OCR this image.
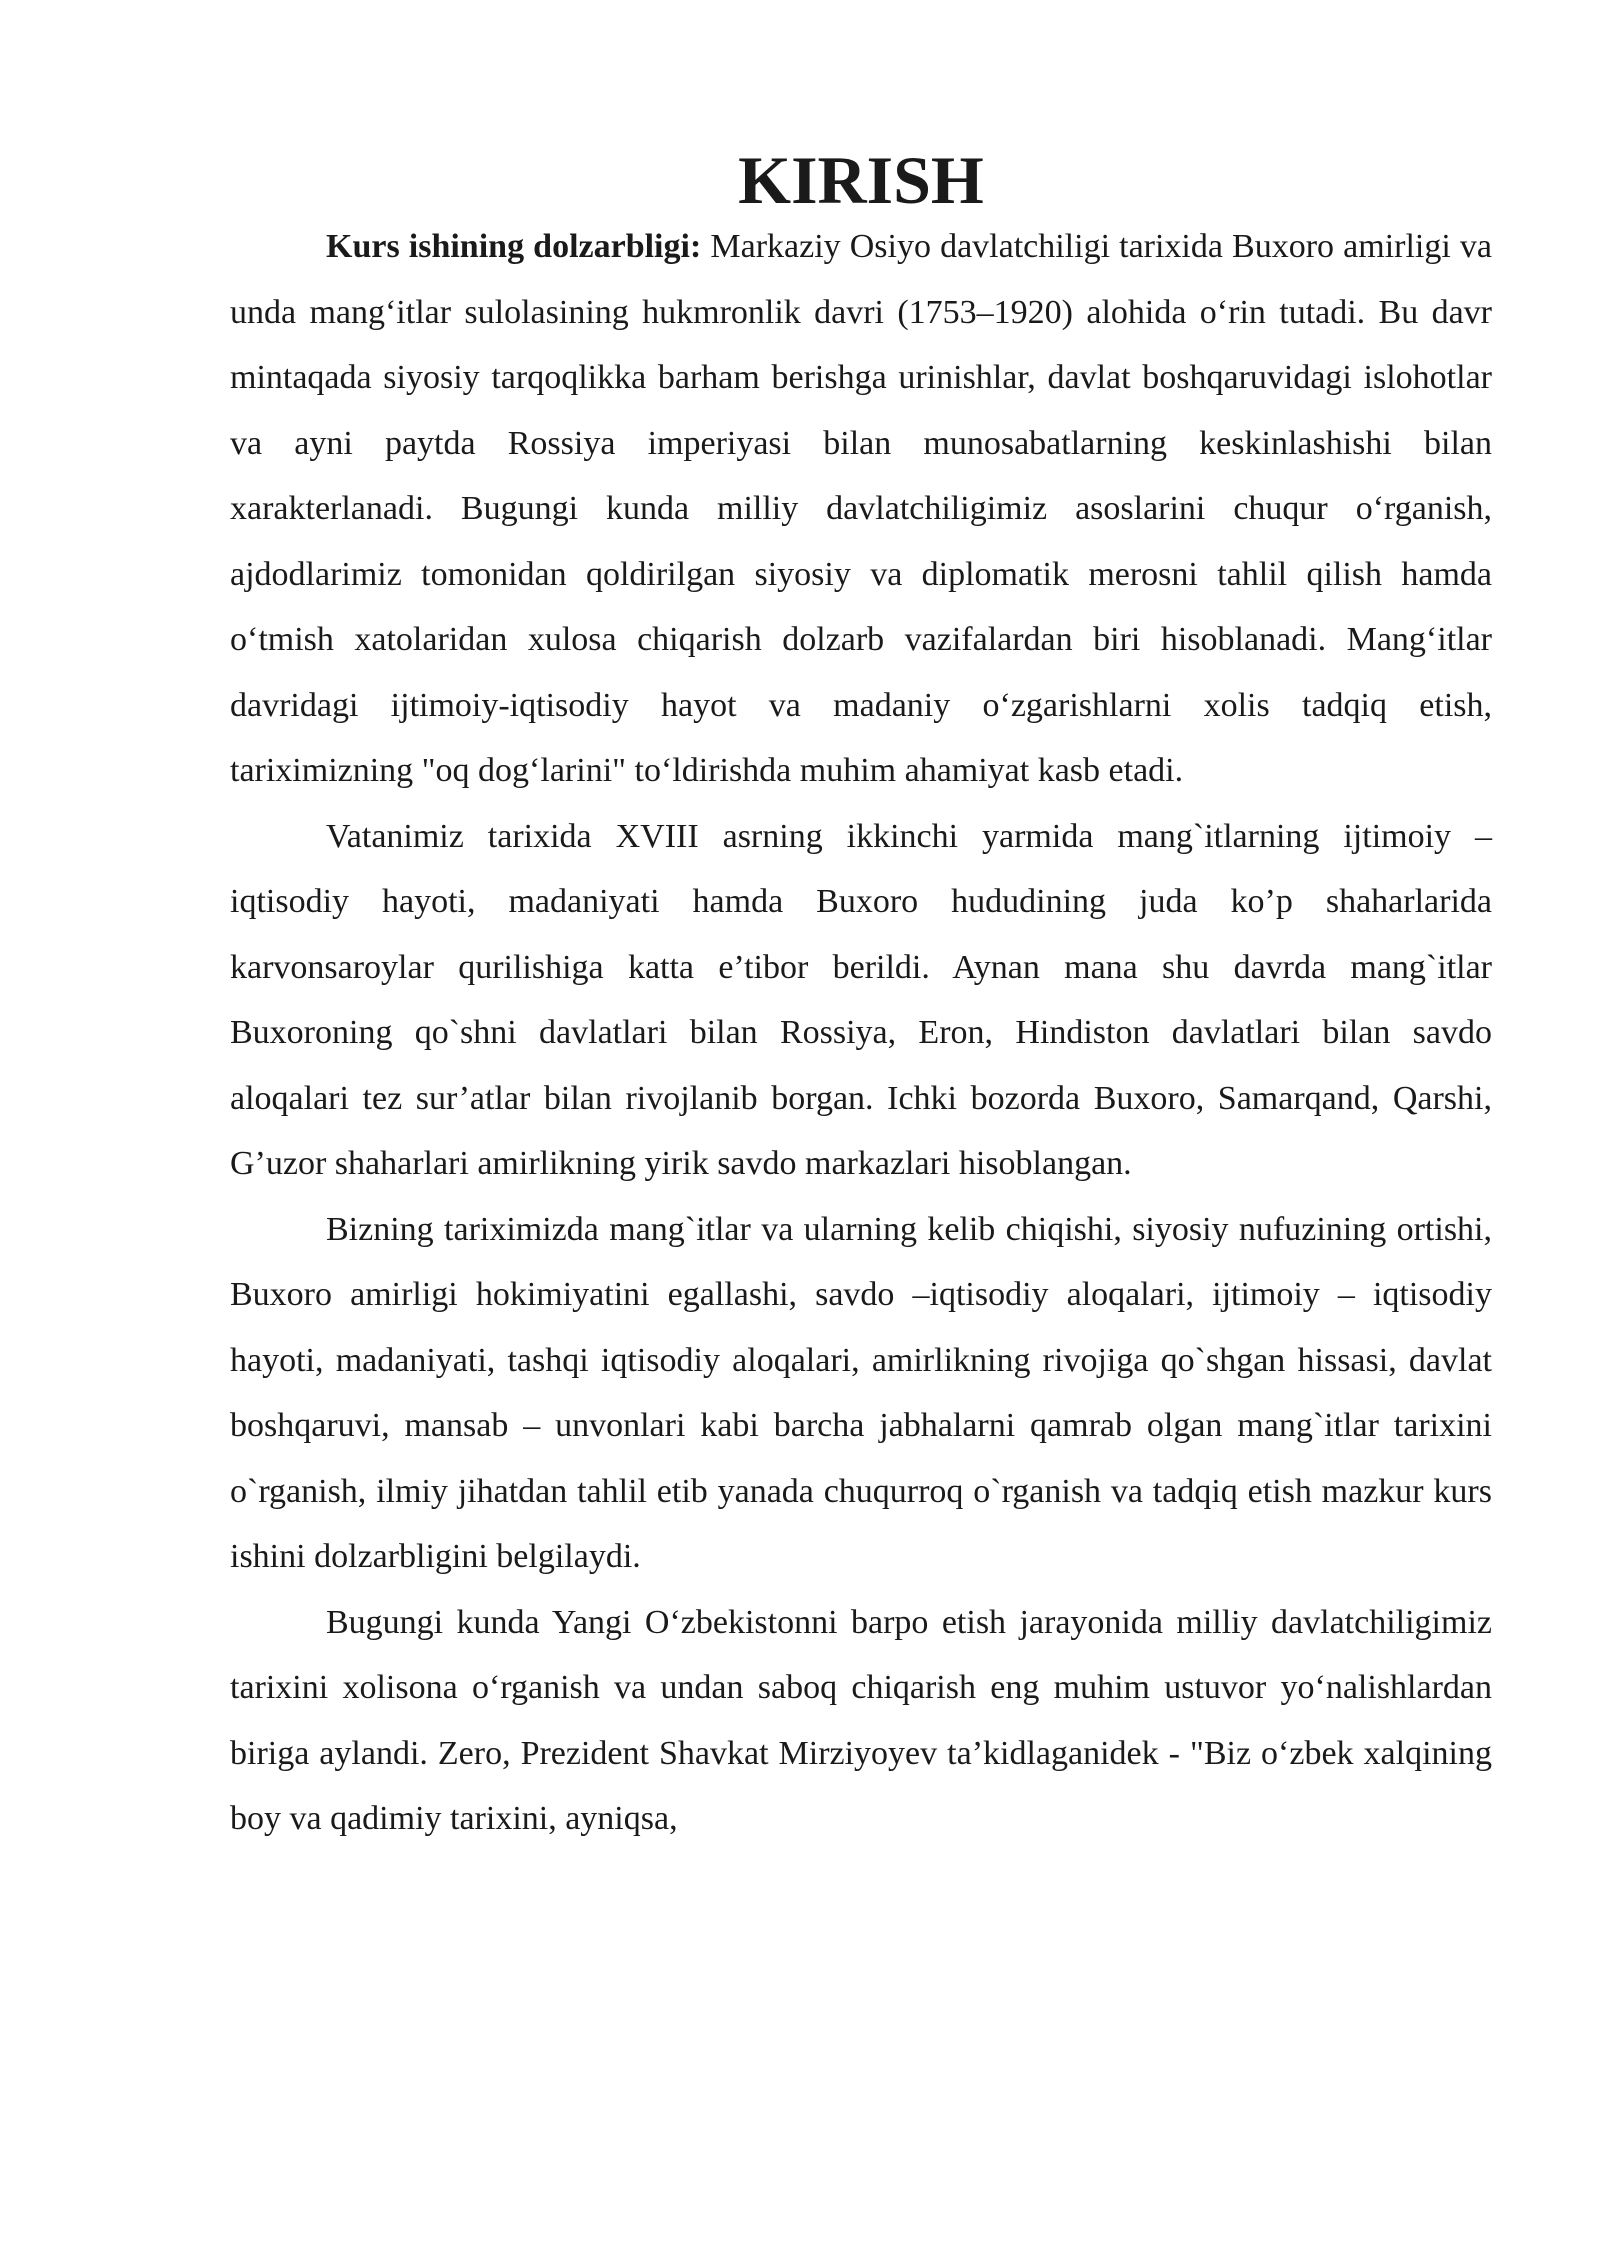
KIRISH

Kurs ishining dolzarbligi: Markaziy Osiyo davlatchiligi tarixida Buxoro amirligi va unda mang‘itlar sulolasining hukmronlik davri (1753–1920) alohida o‘rin tutadi. Bu davr mintaqada siyosiy tarqoqlikka barham berishga urinishlar, davlat boshqaruvidagi islohotlar va ayni paytda Rossiya imperiyasi bilan munosabatlarning keskinlashishi bilan xarakterlanadi. Bugungi kunda milliy davlatchiligimiz asoslarini chuqur o‘rganish, ajdodlarimiz tomonidan qoldirilgan siyosiy va diplomatik merosni tahlil qilish hamda o‘tmish xatolaridan xulosa chiqarish dolzarb vazifalardan biri hisoblanadi. Mang‘itlar davridagi ijtimoiy-iqtisodiy hayot va madaniy o‘zgarishlarni xolis tadqiq etish, tariximizning "oq dog‘larini" to‘ldirishda muhim ahamiyat kasb etadi.

Vatanimiz tarixida XVIII asrning ikkinchi yarmida mang`itlarning ijtimoiy – iqtisodiy hayoti, madaniyati hamda Buxoro hududining juda ko’p shaharlarida karvonsaroylar qurilishiga katta e’tibor berildi. Aynan mana shu davrda mang`itlar Buxoroning qo`shni davlatlari bilan Rossiya, Eron, Hindiston davlatlari bilan savdo aloqalari tez sur’atlar bilan rivojlanib borgan. Ichki bozorda Buxoro, Samarqand, Qarshi, G’uzor shaharlari amirlikning yirik savdo markazlari hisoblangan.

Bizning tariximizda mang`itlar va ularning kelib chiqishi, siyosiy nufuzining ortishi, Buxoro amirligi hokimiyatini egallashi, savdo –iqtisodiy aloqalari, ijtimoiy – iqtisodiy hayoti, madaniyati, tashqi iqtisodiy aloqalari, amirlikning rivojiga qo`shgan hissasi, davlat boshqaruvi, mansab – unvonlari kabi barcha jabhalarni qamrab olgan mang`itlar tarixini o`rganish, ilmiy jihatdan tahlil etib yanada chuqurroq o`rganish va tadqiq etish mazkur kurs ishini dolzarbligini belgilaydi.

Bugungi kunda Yangi O‘zbekistonni barpo etish jarayonida milliy davlatchiligimiz tarixini xolisona o‘rganish va undan saboq chiqarish eng muhim ustuvor yo‘nalishlardan biriga aylandi. Zero, Prezident Shavkat Mirziyoyev ta’kidlaganidek - "Biz o‘zbek xalqining boy va qadimiy tarixini, ayniqsa,
